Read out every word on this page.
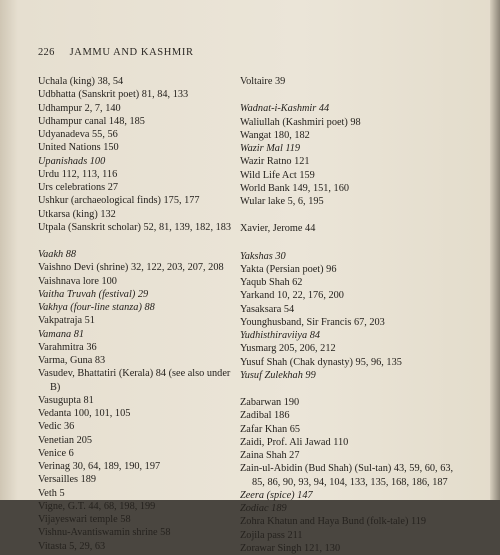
226 JAMMU AND KASHMIR
Uchala (king) 38, 54
Udbhatta (Sanskrit poet) 81, 84, 133
Udhampur 2, 7, 140
Udhampur canal 148, 185
Udyanadeva 55, 56
United Nations 150
Upanishads 100
Urdu 112, 113, 116
Urs celebrations 27
Ushkur (archaeological finds) 175, 177
Utkarsa (king) 132
Utpala (Sanskrit scholar) 52, 81, 139, 182, 183
Vaakh 88
Vaishno Devi (shrine) 32, 122, 203, 207, 208
Vaishnava lore 100
Vaitha Truvah (festival) 29
Vakhya (four-line stanza) 88
Vakpatraja 51
Vamana 81
Varahmitra 36
Varma, Guna 83
Vasudev, Bhattatiri (Kerala) 84 (see also under B)
Vasugupta 81
Vedanta 100, 101, 105
Vedic 36
Venetian 205
Venice 6
Verinag 30, 64, 189, 190, 197
Versailles 189
Veth 5
Vigne, G.T. 44, 68, 198, 199
Vijayeswari temple 58
Vishnu-Avantiswamin shrine 58
Vitasta 5, 29, 63
Voltaire 39
Wadnat-i-Kashmir 44
Waliullah (Kashmiri poet) 98
Wangat 180, 182
Wazir Mal 119
Wazir Ratno 121
Wild Life Act 159
World Bank 149, 151, 160
Wular lake 5, 6, 195
Xavier, Jerome 44
Yakshas 30
Yakta (Persian poet) 96
Yaqub Shah 62
Yarkand 10, 22, 176, 200
Yasaksara 54
Younghusband, Sir Francis 67, 203
Yudhisthiraviiya 84
Yusmarg 205, 206, 212
Yusuf Shah (Chak dynasty) 95, 96, 135
Yusuf Zulekhah 99
Zabarwan 190
Zadibal 186
Zafar Khan 65
Zaidi, Prof. Ali Jawad 110
Zaina Shah 27
Zain-ul-Abidin (Bud Shah) (Sul-tan) 43, 59, 60, 63, 85, 86, 90, 93, 94, 104, 133, 135, 168, 186, 187
Zeera (spice) 147
Zodiac 189
Zohra Khatun and Haya Bund (folk-tale) 119
Zojila pass 211
Zorawar Singh 121, 130
